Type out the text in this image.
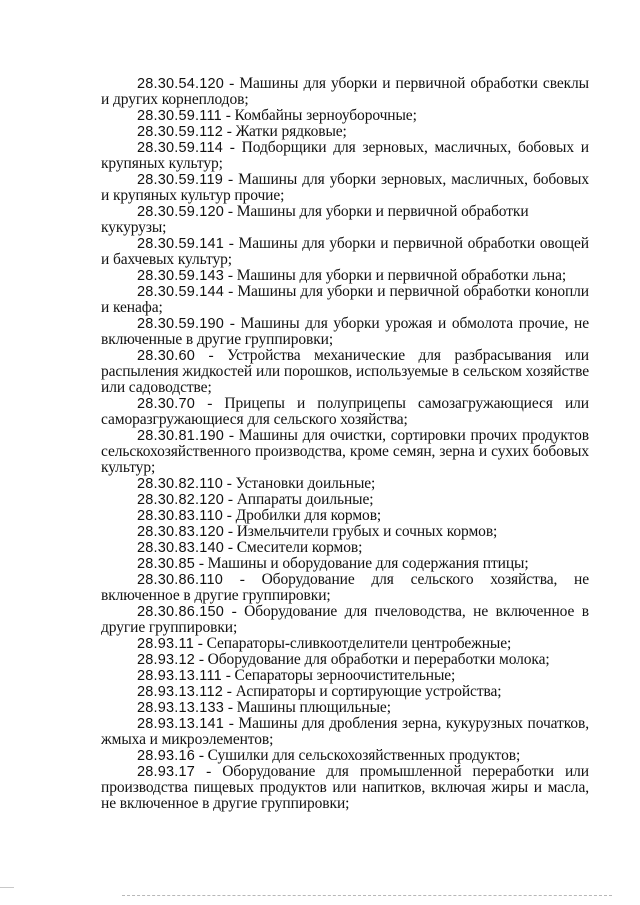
28.30.54.120 - Машины для уборки и первичной обработки свеклы и других корнеплодов;

28.30.59.111 - Комбайны зерноуборочные;

28.30.59.112 - Жатки рядковые;

28.30.59.114 - Подборщики для зерновых, масличных, бобовых и крупяных культур;

28.30.59.119 - Машины для уборки зерновых, масличных, бобовых и крупяных культур прочие;

28.30.59.120 - Машины для уборки и первичной обработки кукурузы;

28.30.59.141 - Машины для уборки и первичной обработки овощей и бахчевых культур;

28.30.59.143 - Машины для уборки и первичной обработки льна;

28.30.59.144 - Машины для уборки и первичной обработки конопли и кенафа;

28.30.59.190 - Машины для уборки урожая и обмолота прочие, не включенные в другие группировки;

28.30.60 - Устройства механические для разбрасывания или распыления жидкостей или порошков, используемые в сельском хозяйстве или садоводстве;

28.30.70 - Прицепы и полуприцепы самозагружающиеся или саморазгружающиеся для сельского хозяйства;

28.30.81.190 - Машины для очистки, сортировки прочих продуктов сельскохозяйственного производства, кроме семян, зерна и сухих бобовых культур;

28.30.82.110 - Установки доильные;

28.30.82.120 - Аппараты доильные;

28.30.83.110 - Дробилки для кормов;

28.30.83.120 - Измельчители грубых и сочных кормов;

28.30.83.140 - Смесители кормов;

28.30.85 - Машины и оборудование для содержания птицы;

28.30.86.110 - Оборудование для сельского хозяйства, не включенное в другие группировки;

28.30.86.150 - Оборудование для пчеловодства, не включенное в другие группировки;

28.93.11 - Сепараторы-сливкоотделители центробежные;

28.93.12 - Оборудование для обработки и переработки молока;

28.93.13.111 - Сепараторы зерноочистительные;

28.93.13.112 - Аспираторы и сортирующие устройства;

28.93.13.133 - Машины плющильные;

28.93.13.141 - Машины для дробления зерна, кукурузных початков, жмыха и микроэлементов;

28.93.16 - Сушилки для сельскохозяйственных продуктов;

28.93.17 - Оборудование для промышленной переработки или производства пищевых продуктов или напитков, включая жиры и масла, не включенное в другие группировки;
